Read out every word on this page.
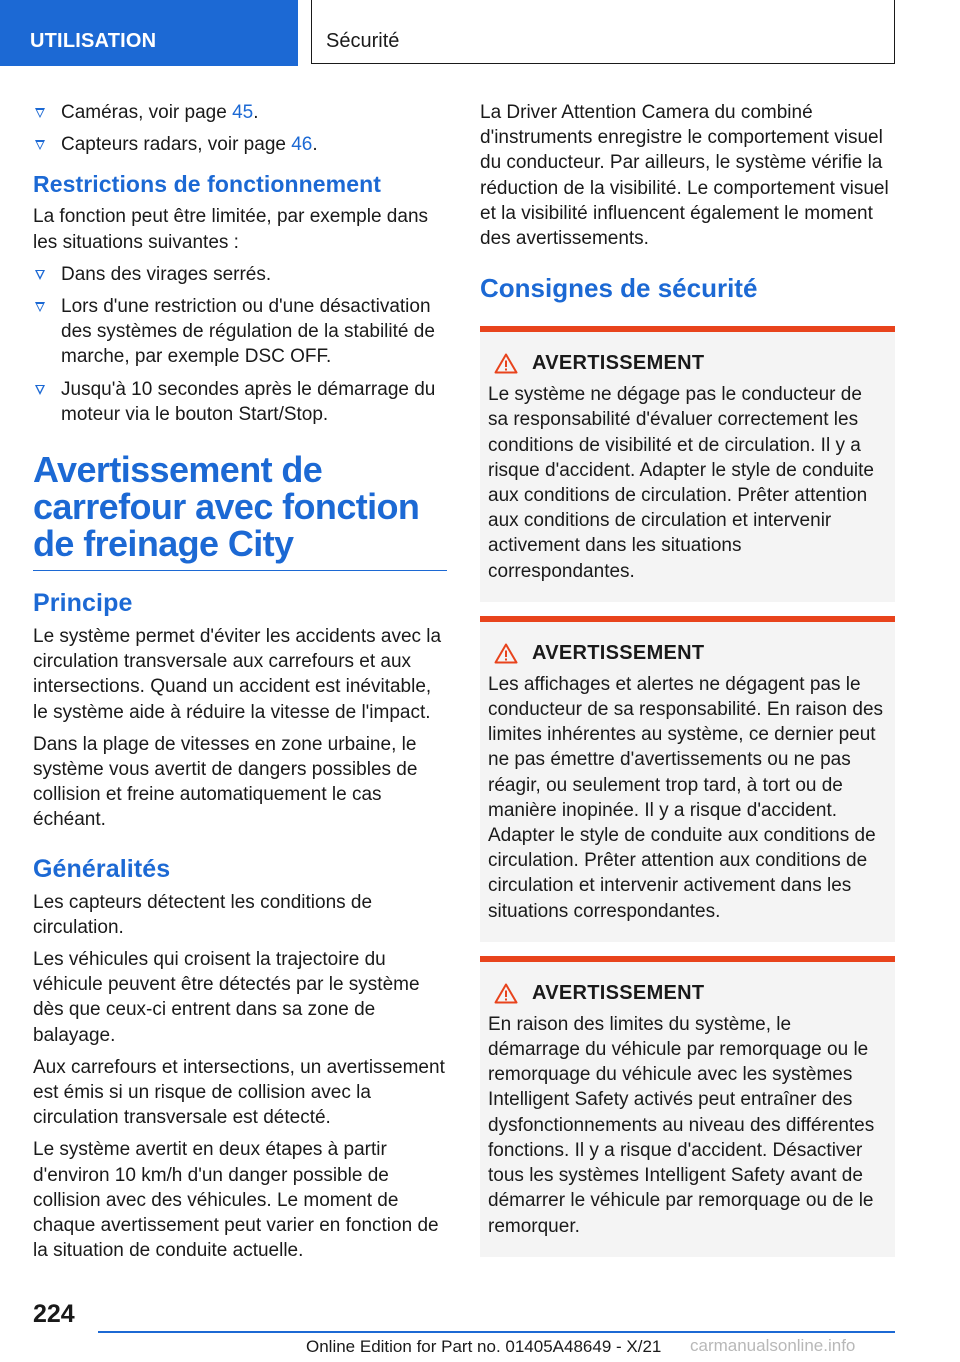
UTILISATION	Sécurité
Caméras, voir page 45.
Capteurs radars, voir page 46.
Restrictions de fonctionnement

La fonction peut être limitée, par exemple dans les situations suivantes :

Dans des virages serrés.
Lors d'une restriction ou d'une désactivation des systèmes de régulation de la stabilité de marche, par exemple DSC OFF.
Jusqu'à 10 secondes après le démarrage du moteur via le bouton Start/Stop.
Avertissement de carrefour avec fonction de freinage City
Principe

Le système permet d'éviter les accidents avec la circulation transversale aux carrefours et aux intersections. Quand un accident est inévitable, le système aide à réduire la vitesse de l'impact.

Dans la plage de vitesses en zone urbaine, le système vous avertit de dangers possibles de collision et freine automatiquement le cas échéant.

Généralités

Les capteurs détectent les conditions de circulation.

Les véhicules qui croisent la trajectoire du véhicule peuvent être détectés par le système dès que ceux-ci entrent dans sa zone de balayage.

Aux carrefours et intersections, un avertissement est émis si un risque de collision avec la circulation transversale est détecté.

Le système avertit en deux étapes à partir d'environ 10 km/h d'un danger possible de collision avec des véhicules. Le moment de chaque avertissement peut varier en fonction de la situation de conduite actuelle.

La Driver Attention Camera du combiné d'instruments enregistre le comportement visuel du conducteur. Par ailleurs, le système vérifie la réduction de la visibilité. Le comportement visuel et la visibilité influencent également le moment des avertissements.

Consignes de sécurité
AVERTISSEMENT

Le système ne dégage pas le conducteur de sa responsabilité d'évaluer correctement les conditions de visibilité et de circulation. Il y a risque d'accident. Adapter le style de conduite aux conditions de circulation. Prêter attention aux conditions de circulation et intervenir activement dans les situations correspondantes.

AVERTISSEMENT

Les affichages et alertes ne dégagent pas le conducteur de sa responsabilité. En raison des limites inhérentes au système, ce dernier peut ne pas émettre d'avertissements ou ne pas réagir, ou seulement trop tard, à tort ou de manière inopinée. Il y a risque d'accident. Adapter le style de conduite aux conditions de circulation. Prêter attention aux conditions de circulation et intervenir activement dans les situations correspondantes.

AVERTISSEMENT

En raison des limites du système, le démarrage du véhicule par remorquage ou le remorquage du véhicule avec les systèmes Intelligent Safety activés peut entraîner des dysfonctionnements au niveau des différentes fonctions. Il y a risque d'accident. Désactiver tous les systèmes Intelligent Safety avant de démarrer le véhicule par remorquage ou de le remorquer.

224
Online Edition for Part no. 01405A48649 - X/21 carmanualsonline.info
